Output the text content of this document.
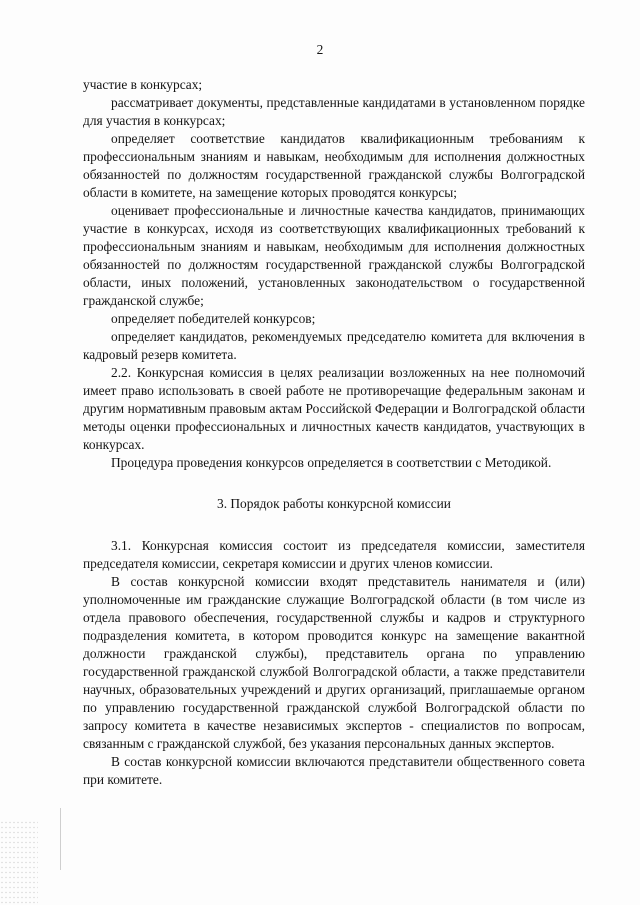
2

участие в конкурсах;

рассматривает документы, представленные кандидатами в установленном порядке для участия в конкурсах;

определяет соответствие кандидатов квалификационным требованиям к профессиональным знаниям и навыкам, необходимым для исполнения должностных обязанностей по должностям государственной гражданской службы Волгоградской области в комитете, на замещение которых проводятся конкурсы;

оценивает профессиональные и личностные качества кандидатов, принимающих участие в конкурсах, исходя из соответствующих квалификационных требований к профессиональным знаниям и навыкам, необходимым для исполнения должностных обязанностей по должностям государственной гражданской службы Волгоградской области, иных положений, установленных законодательством о государственной гражданской службе;

определяет победителей конкурсов;

определяет кандидатов, рекомендуемых председателю комитета для включения в кадровый резерв комитета.

2.2. Конкурсная комиссия в целях реализации возложенных на нее полномочий имеет право использовать в своей работе не противоречащие федеральным законам и другим нормативным правовым актам Российской Федерации и Волгоградской области методы оценки профессиональных и личностных качеств кандидатов, участвующих в конкурсах.

Процедура проведения конкурсов определяется в соответствии с Методикой.

3. Порядок работы конкурсной комиссии

3.1. Конкурсная комиссия состоит из председателя комиссии, заместителя председателя комиссии, секретаря комиссии и других членов комиссии.

В состав конкурсной комиссии входят представитель нанимателя и (или) уполномоченные им гражданские служащие Волгоградской области (в том числе из отдела правового обеспечения, государственной службы и кадров и структурного подразделения комитета, в котором проводится конкурс на замещение вакантной должности гражданской службы), представитель органа по управлению государственной гражданской службой Волгоградской области, а также представители научных, образовательных учреждений и других организаций, приглашаемые органом по управлению государственной гражданской службой Волгоградской области по запросу комитета в качестве независимых экспертов - специалистов по вопросам, связанным с гражданской службой, без указания персональных данных экспертов.

В состав конкурсной комиссии включаются представители общественного совета при комитете.
